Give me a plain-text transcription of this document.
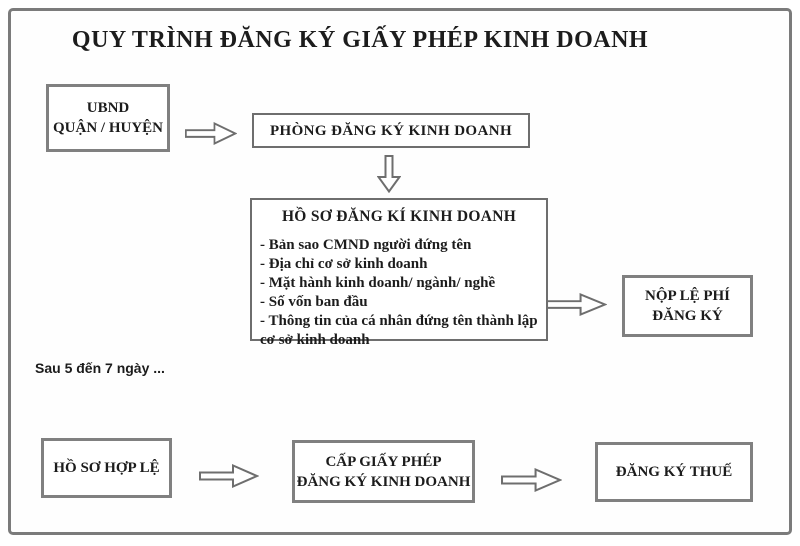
QUY TRÌNH ĐĂNG KÝ GIẤY PHÉP KINH DOANH
UBND
QUẬN / HUYỆN	PHÒNG ĐĂNG KÝ KINH DOANH
HỒ SƠ ĐĂNG KÍ KINH DOANH
- Bản sao CMND người đứng tên
- Địa chỉ cơ sở kinh doanh
- Mặt hành kinh doanh/ ngành/ nghề
- Số vốn ban đầu
- Thông tin của cá nhân đứng tên thành lập cơ sở kinh doanh
NỘP LỆ PHÍ
ĐĂNG KÝ
Sau 5 đến 7 ngày ...
HỒ SƠ HỢP LỆ	CẤP GIẤY PHÉP
ĐĂNG KÝ KINH DOANH
ĐĂNG KÝ THUẾ
